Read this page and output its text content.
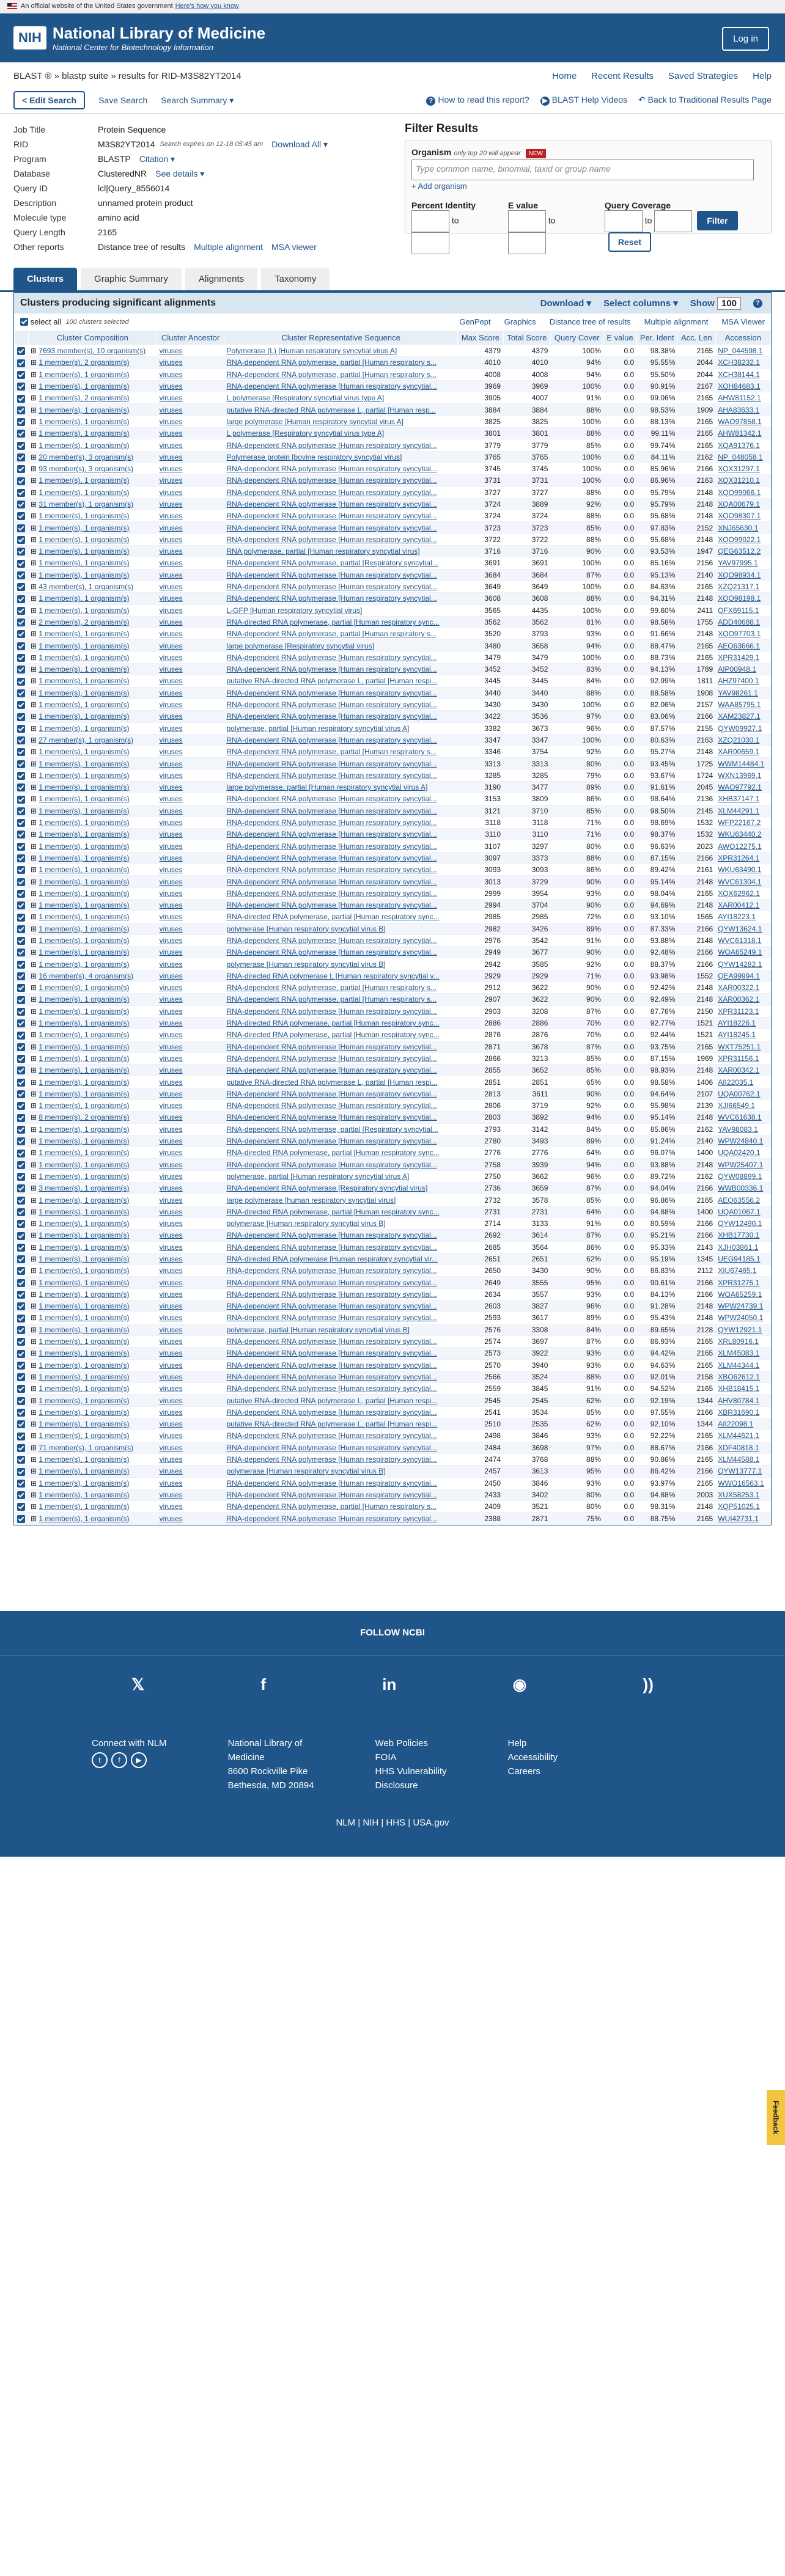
An official website of the United States government Here's how you know
NIH National Library of Medicine
National Center for Biotechnology Information
Log in
BLAST ® » blastp suite » results for RID-M3S82YT2014	Home Recent Results Saved Strategies Help
< Edit Search	Save Search Search Summary ▾	? How to read this report? ▶ BLAST Help Videos ↶ Back to Traditional Results Page
Job Title	Protein Sequence
RID	M3S82YT2014 Search expires on 12-18 05:45 am Download All ▾
Program	BLASTP Citation ▾
Database	ClusteredNR See details ▾
Query ID	lcl|Query_8556014
Description	unnamed protein product
Molecule type	amino acid
Query Length	2165
Other reports	Distance tree of results Multiple alignment MSA viewer
Filter Results
Organism only top 20 will appear NEW
Type common name, binomial, taxid or group name
+ Add organism
Percent Identity
to
E value
to
Query Coverage
to	FilterReset
Clusters	Graphic Summary	Alignments	Taxonomy
Clusters producing significant alignments	Download ▾ Select columns ▾ Show 100	?

select all
100 clusters selected	GenPept Graphics Distance tree of results Multiple alignment MSA Viewer
	Cluster Composition	Cluster Ancestor	Cluster Representative Sequence	Max Score	Total Score	Query Cover	E value	Per. Ident	Acc. Len	Accession
	⊞ 7693 member(s), 10 organism(s)	viruses	Polymerase (L) [Human respiratory syncytial virus A]	4379	4379	100%	0.0	98.38%	2165	NP_044598.1
	⊞ 1 member(s), 2 organism(s)	viruses	RNA-dependent RNA polymerase, partial [Human respiratory s...	4010	4010	94%	0.0	95.55%	2044	XCH38232.1
	⊞ 1 member(s), 1 organism(s)	viruses	RNA-dependent RNA polymerase, partial [Human respiratory s...	4008	4008	94%	0.0	95.50%	2044	XCH38144.1
	⊞ 1 member(s), 1 organism(s)	viruses	RNA-dependent RNA polymerase [Human respiratory syncytial...	3969	3969	100%	0.0	90.91%	2167	XOH84683.1
	⊞ 1 member(s), 2 organism(s)	viruses	L polymerase [Respiratory syncytial virus type A]	3905	4007	91%	0.0	99.06%	2165	AHW81152.1
	⊞ 1 member(s), 1 organism(s)	viruses	putative RNA-directed RNA polymerase L, partial [Human resp...	3884	3884	88%	0.0	98.53%	1909	AHA83633.1
	⊞ 1 member(s), 1 organism(s)	viruses	large polymerase [Human respiratory syncytial virus A]	3825	3825	100%	0.0	88.13%	2165	WAO97858.1
	⊞ 1 member(s), 1 organism(s)	viruses	L polymerase [Respiratory syncytial virus type A]	3801	3801	88%	0.0	99.11%	2165	AHW81342.1
	⊞ 1 member(s), 1 organism(s)	viruses	RNA-dependent RNA polymerase [Human respiratory syncytial...	3779	3779	85%	0.0	99.74%	2165	XQA91376.1
	⊞ 20 member(s), 3 organism(s)	viruses	Polymerase protein [bovine respiratory syncytial virus]	3765	3765	100%	0.0	84.11%	2162	NP_048058.1
	⊞ 93 member(s), 3 organism(s)	viruses	RNA-dependent RNA polymerase [Human respiratory syncytial...	3745	3745	100%	0.0	85.96%	2166	XQX31297.1
	⊞ 1 member(s), 1 organism(s)	viruses	RNA-dependent RNA polymerase [Human respiratory syncytial...	3731	3731	100%	0.0	86.96%	2163	XQX31210.1
	⊞ 1 member(s), 1 organism(s)	viruses	RNA-dependent RNA polymerase [Human respiratory syncytial...	3727	3727	88%	0.0	95.79%	2148	XQO99066.1
	⊞ 31 member(s), 1 organism(s)	viruses	RNA-dependent RNA polymerase [Human respiratory syncytial...	3724	3889	92%	0.0	95.79%	2148	XQA00679.1
	⊞ 1 member(s), 1 organism(s)	viruses	RNA-dependent RNA polymerase [Human respiratory syncytial...	3724	3724	88%	0.0	95.68%	2148	XQO98307.1
	⊞ 1 member(s), 1 organism(s)	viruses	RNA-dependent RNA polymerase [Human respiratory syncytial...	3723	3723	85%	0.0	97.83%	2152	XNJ65630.1
	⊞ 1 member(s), 1 organism(s)	viruses	RNA-dependent RNA polymerase [Human respiratory syncytial...	3722	3722	88%	0.0	95.68%	2148	XQO99022.1
	⊞ 1 member(s), 1 organism(s)	viruses	RNA polymerase, partial [Human respiratory syncytial virus]	3716	3716	90%	0.0	93.53%	1947	QEG63512.2
	⊞ 1 member(s), 1 organism(s)	viruses	RNA-dependent RNA polymerase, partial [Respiratory syncytial...	3691	3691	100%	0.0	85.16%	2156	YAV97995.1
	⊞ 1 member(s), 1 organism(s)	viruses	RNA-dependent RNA polymerase [Human respiratory syncytial...	3684	3684	87%	0.0	95.13%	2140	XQO98934.1
	⊞ 43 member(s), 1 organism(s)	viruses	RNA-dependent RNA polymerase [Human respiratory syncytial...	3649	3649	100%	0.0	84.63%	2165	XZQ21317.1
	⊞ 1 member(s), 1 organism(s)	viruses	RNA-dependent RNA polymerase [Human respiratory syncytial...	3608	3608	88%	0.0	94.31%	2148	XQO98198.1
	⊞ 1 member(s), 1 organism(s)	viruses	L-GFP [Human respiratory syncytial virus]	3565	4435	100%	0.0	99.60%	2411	QFX69115.1
	⊞ 2 member(s), 2 organism(s)	viruses	RNA-directed RNA polymerase, partial [Human respiratory sync...	3562	3562	81%	0.0	98.58%	1755	ADD40688.1
	⊞ 1 member(s), 1 organism(s)	viruses	RNA-dependent RNA polymerase, partial [Human respiratory s...	3520	3793	93%	0.0	91.66%	2148	XQO97703.1
	⊞ 1 member(s), 1 organism(s)	viruses	large polymerase [Respiratory syncytial virus]	3480	3658	94%	0.0	88.47%	2165	AEQ63666.1
	⊞ 1 member(s), 1 organism(s)	viruses	RNA-dependent RNA polymerase [Human respiratory syncytial...	3479	3479	100%	0.0	88.73%	2165	XPR31429.1
	⊞ 1 member(s), 1 organism(s)	viruses	RNA-dependent RNA polymerase [Human respiratory syncytial...	3452	3452	83%	0.0	94.13%	1789	AIP00948.1
	⊞ 1 member(s), 1 organism(s)	viruses	putative RNA-directed RNA polymerase L, partial [Human respi...	3445	3445	84%	0.0	92.99%	1811	AHZ97400.1
	⊞ 1 member(s), 1 organism(s)	viruses	RNA-dependent RNA polymerase [Human respiratory syncytial...	3440	3440	88%	0.0	88.58%	1908	YAV98261.1
	⊞ 1 member(s), 1 organism(s)	viruses	RNA-dependent RNA polymerase [Human respiratory syncytial...	3430	3430	100%	0.0	82.06%	2157	WAA85795.1
	⊞ 1 member(s), 1 organism(s)	viruses	RNA-dependent RNA polymerase [Human respiratory syncytial...	3422	3536	97%	0.0	83.06%	2166	XAM23827.1
	⊞ 1 member(s), 1 organism(s)	viruses	polymerase, partial [Human respiratory syncytial virus A]	3382	3673	96%	0.0	87.57%	2155	QYW09927.1
	⊞ 27 member(s), 1 organism(s)	viruses	RNA-dependent RNA polymerase [Human respiratory syncytial...	3347	3347	100%	0.0	80.63%	2163	XZQ21030.1
	⊞ 1 member(s), 1 organism(s)	viruses	RNA-dependent RNA polymerase, partial [Human respiratory s...	3346	3754	92%	0.0	95.27%	2148	XAR00659.1
	⊞ 1 member(s), 1 organism(s)	viruses	RNA-dependent RNA polymerase [Human respiratory syncytial...	3313	3313	80%	0.0	93.45%	1725	WWM14484.1
	⊞ 1 member(s), 1 organism(s)	viruses	RNA-dependent RNA polymerase [Human respiratory syncytial...	3285	3285	79%	0.0	93.67%	1724	WXN13969.1
	⊞ 1 member(s), 1 organism(s)	viruses	large polymerase, partial [Human respiratory syncytial virus A]	3190	3477	89%	0.0	91.61%	2045	WAO97792.1
	⊞ 1 member(s), 1 organism(s)	viruses	RNA-dependent RNA polymerase [Human respiratory syncytial...	3153	3809	86%	0.0	98.64%	2136	XHB37147.1
	⊞ 1 member(s), 1 organism(s)	viruses	RNA-dependent RNA polymerase [Human respiratory syncytial...	3121	3710	85%	0.0	98.50%	2145	XLM44291.1
	⊞ 1 member(s), 1 organism(s)	viruses	RNA-dependent RNA polymerase [Human respiratory syncytial...	3118	3118	71%	0.0	98.69%	1532	WFP22167.2
	⊞ 1 member(s), 1 organism(s)	viruses	RNA-dependent RNA polymerase [Human respiratory syncytial...	3110	3110	71%	0.0	98.37%	1532	WKU63440.2
	⊞ 1 member(s), 1 organism(s)	viruses	RNA-dependent RNA polymerase [Human respiratory syncytial...	3107	3297	80%	0.0	96.63%	2023	AWO12275.1
	⊞ 1 member(s), 1 organism(s)	viruses	RNA-dependent RNA polymerase [Human respiratory syncytial...	3097	3373	88%	0.0	87.15%	2166	XPR31264.1
	⊞ 1 member(s), 1 organism(s)	viruses	RNA-dependent RNA polymerase [Human respiratory syncytial...	3093	3093	86%	0.0	89.42%	2161	WKU63490.1
	⊞ 1 member(s), 1 organism(s)	viruses	RNA-dependent RNA polymerase [Human respiratory syncytial...	3013	3729	90%	0.0	95.14%	2148	WVC61304.1
	⊞ 1 member(s), 1 organism(s)	viruses	RNA-dependent RNA polymerase [Human respiratory syncytial...	2999	3954	93%	0.0	98.04%	2165	XQX62962.1
	⊞ 1 member(s), 1 organism(s)	viruses	RNA-dependent RNA polymerase [Human respiratory syncytial...	2994	3704	90%	0.0	94.69%	2148	XAR00412.1
	⊞ 1 member(s), 1 organism(s)	viruses	RNA-directed RNA polymerase, partial [Human respiratory sync...	2985	2985	72%	0.0	93.10%	1565	AYI18223.1
	⊞ 1 member(s), 1 organism(s)	viruses	polymerase [Human respiratory syncytial virus B]	2982	3426	89%	0.0	87.33%	2166	QYW13624.1
	⊞ 1 member(s), 1 organism(s)	viruses	RNA-dependent RNA polymerase [Human respiratory syncytial...	2976	3542	91%	0.0	93.88%	2148	WVC61318.1
	⊞ 1 member(s), 1 organism(s)	viruses	RNA-dependent RNA polymerase [Human respiratory syncytial...	2949	3677	90%	0.0	92.48%	2166	WOA65249.1
	⊞ 1 member(s), 1 organism(s)	viruses	polymerase [Human respiratory syncytial virus B]	2942	3585	92%	0.0	88.37%	2166	QYW14282.1
	⊞ 16 member(s), 4 organism(s)	viruses	RNA-directed RNA polymerase L [Human respiratory syncytial v...	2929	2929	71%	0.0	93.98%	1552	QEA99994.1
	⊞ 1 member(s), 1 organism(s)	viruses	RNA-dependent RNA polymerase, partial [Human respiratory s...	2912	3622	90%	0.0	92.42%	2148	XAR00322.1
	⊞ 1 member(s), 1 organism(s)	viruses	RNA-dependent RNA polymerase, partial [Human respiratory s...	2907	3622	90%	0.0	92.49%	2148	XAR00362.1
	⊞ 1 member(s), 1 organism(s)	viruses	RNA-dependent RNA polymerase [Human respiratory syncytial...	2903	3208	87%	0.0	87.76%	2150	XPR31123.1
	⊞ 1 member(s), 1 organism(s)	viruses	RNA-directed RNA polymerase, partial [Human respiratory sync...	2886	2886	70%	0.0	92.77%	1521	AYI18226.1
	⊞ 1 member(s), 1 organism(s)	viruses	RNA-directed RNA polymerase, partial [Human respiratory sync...	2876	2876	70%	0.0	92.44%	1521	AYI18245.1
	⊞ 1 member(s), 1 organism(s)	viruses	RNA-dependent RNA polymerase [Human respiratory syncytial...	2871	3678	87%	0.0	93.75%	2165	WXT75251.1
	⊞ 1 member(s), 1 organism(s)	viruses	RNA-dependent RNA polymerase [Human respiratory syncytial...	2866	3213	85%	0.0	87.15%	1969	XPR31156.1
	⊞ 1 member(s), 1 organism(s)	viruses	RNA-dependent RNA polymerase [Human respiratory syncytial...	2855	3652	85%	0.0	98.93%	2148	XAR00342.1
	⊞ 1 member(s), 1 organism(s)	viruses	putative RNA-directed RNA polymerase L, partial [Human respi...	2851	2851	65%	0.0	98.58%	1406	AII22035.1
	⊞ 1 member(s), 1 organism(s)	viruses	RNA-dependent RNA polymerase [Human respiratory syncytial...	2813	3611	90%	0.0	94.64%	2107	UQA00762.1
	⊞ 1 member(s), 1 organism(s)	viruses	RNA-dependent RNA polymerase [Human respiratory syncytial...	2806	3719	92%	0.0	95.98%	2139	XJI66549.1
	⊞ 8 member(s), 2 organism(s)	viruses	RNA-dependent RNA polymerase [Human respiratory syncytial...	2803	3892	94%	0.0	95.14%	2148	WVC61638.1
	⊞ 1 member(s), 1 organism(s)	viruses	RNA-dependent RNA polymerase, partial [Respiratory syncytial...	2793	3142	84%	0.0	85.86%	2162	YAV98083.1
	⊞ 1 member(s), 1 organism(s)	viruses	RNA-dependent RNA polymerase [Human respiratory syncytial...	2780	3493	89%	0.0	91.24%	2140	WPW24840.1
	⊞ 1 member(s), 1 organism(s)	viruses	RNA-directed RNA polymerase, partial [Human respiratory sync...	2776	2776	64%	0.0	96.07%	1400	UQA02420.1
	⊞ 1 member(s), 1 organism(s)	viruses	RNA-dependent RNA polymerase [Human respiratory syncytial...	2758	3939	94%	0.0	93.88%	2148	WPW25407.1
	⊞ 1 member(s), 1 organism(s)	viruses	polymerase, partial [Human respiratory syncytial virus A]	2750	3662	96%	0.0	89.72%	2162	QYW08899.1
	⊞ 3 member(s), 1 organism(s)	viruses	RNA-dependent RNA polymerase [Respiratory syncytial virus]	2736	3659	87%	0.0	94.04%	2166	WWB00336.1
	⊞ 1 member(s), 1 organism(s)	viruses	large polymerase [human respiratory syncytial virus]	2732	3578	85%	0.0	96.86%	2165	AEQ63556.2
	⊞ 1 member(s), 1 organism(s)	viruses	RNA-directed RNA polymerase, partial [Human respiratory sync...	2731	2731	64%	0.0	94.88%	1400	UQA01067.1
	⊞ 1 member(s), 1 organism(s)	viruses	polymerase [Human respiratory syncytial virus B]	2714	3133	91%	0.0	80.59%	2166	QYW12490.1
	⊞ 1 member(s), 1 organism(s)	viruses	RNA-dependent RNA polymerase [Human respiratory syncytial...	2692	3614	87%	0.0	95.21%	2166	XHB17730.1
	⊞ 1 member(s), 1 organism(s)	viruses	RNA-dependent RNA polymerase [Human respiratory syncytial...	2685	3564	86%	0.0	95.33%	2143	XJH03861.1
	⊞ 1 member(s), 1 organism(s)	viruses	RNA-directed RNA polymerase [Human respiratory syncytial vir...	2651	2651	62%	0.0	95.19%	1345	UEG94185.1
	⊞ 1 member(s), 1 organism(s)	viruses	RNA-dependent RNA polymerase [Human respiratory syncytial...	2650	3430	90%	0.0	86.83%	2112	XIU67465.1
	⊞ 1 member(s), 1 organism(s)	viruses	RNA-dependent RNA polymerase [Human respiratory syncytial...	2649	3555	95%	0.0	90.61%	2166	XPR31275.1
	⊞ 1 member(s), 1 organism(s)	viruses	RNA-dependent RNA polymerase [Human respiratory syncytial...	2634	3557	93%	0.0	84.13%	2166	WOA65259.1
	⊞ 1 member(s), 1 organism(s)	viruses	RNA-dependent RNA polymerase [Human respiratory syncytial...	2603	3827	96%	0.0	91.28%	2148	WPW24739.1
	⊞ 1 member(s), 1 organism(s)	viruses	RNA-dependent RNA polymerase [Human respiratory syncytial...	2593	3617	89%	0.0	95.43%	2148	WPW24050.1
	⊞ 1 member(s), 1 organism(s)	viruses	polymerase, partial [Human respiratory syncytial virus B]	2576	3308	84%	0.0	89.65%	2128	QYW12921.1
	⊞ 1 member(s), 1 organism(s)	viruses	RNA-dependent RNA polymerase [Human respiratory syncytial...	2574	3697	87%	0.0	86.93%	2165	XRL80916.1
	⊞ 1 member(s), 1 organism(s)	viruses	RNA-dependent RNA polymerase [Human respiratory syncytial...	2573	3922	93%	0.0	94.42%	2165	XLM45083.1
	⊞ 1 member(s), 1 organism(s)	viruses	RNA-dependent RNA polymerase [Human respiratory syncytial...	2570	3940	93%	0.0	94.63%	2165	XLM44344.1
	⊞ 1 member(s), 1 organism(s)	viruses	RNA-dependent RNA polymerase [Human respiratory syncytial...	2566	3524	88%	0.0	92.01%	2158	XBO62612.1
	⊞ 1 member(s), 1 organism(s)	viruses	RNA-dependent RNA polymerase [Human respiratory syncytial...	2559	3845	91%	0.0	94.52%	2165	XHB18415.1
	⊞ 1 member(s), 1 organism(s)	viruses	putative RNA-directed RNA polymerase L, partial [Human respi...	2545	2545	62%	0.0	92.19%	1344	AHV80784.1
	⊞ 1 member(s), 1 organism(s)	viruses	RNA-dependent RNA polymerase [Human respiratory syncytial...	2541	3534	85%	0.0	97.55%	2166	XBR31690.1
	⊞ 1 member(s), 1 organism(s)	viruses	putative RNA-directed RNA polymerase L, partial [Human respi...	2510	2535	62%	0.0	92.10%	1344	AII22098.1
	⊞ 1 member(s), 1 organism(s)	viruses	RNA-dependent RNA polymerase [Human respiratory syncytial...	2498	3846	93%	0.0	92.22%	2165	XLM44621.1
	⊞ 71 member(s), 1 organism(s)	viruses	RNA-dependent RNA polymerase [Human respiratory syncytial...	2484	3698	97%	0.0	88.67%	2166	XDF40818.1
	⊞ 1 member(s), 1 organism(s)	viruses	RNA-dependent RNA polymerase [Human respiratory syncytial...	2474	3768	88%	0.0	90.86%	2165	XLM44588.1
	⊞ 1 member(s), 1 organism(s)	viruses	polymerase [Human respiratory syncytial virus B]	2457	3613	95%	0.0	86.42%	2166	QYW13777.1
	⊞ 1 member(s), 1 organism(s)	viruses	RNA-dependent RNA polymerase [Human respiratory syncytial...	2450	3846	93%	0.0	93.97%	2165	WWO16563.1
	⊞ 1 member(s), 1 organism(s)	viruses	RNA-dependent RNA polymerase [Human respiratory syncytial...	2433	3402	80%	0.0	94.88%	2003	XUX58253.1
	⊞ 1 member(s), 1 organism(s)	viruses	RNA-dependent RNA polymerase, partial [Human respiratory s...	2409	3521	80%	0.0	98.31%	2148	XQP51025.1
	⊞ 1 member(s), 1 organism(s)	viruses	RNA-dependent RNA polymerase [Human respiratory syncytial...	2388	2871	75%	0.0	88.75%	2165	WUI42731.1
FOLLOW NCBI
𝕏	f	in	◉	))
Connect with NLM
t f ▶
National Library of
Medicine
8600 Rockville Pike
Bethesda, MD 20894
Web Policies
FOIA
HHS Vulnerability
Disclosure
Help
Accessibility
Careers
NLM | NIH | HHS | USA.gov
Feedback
